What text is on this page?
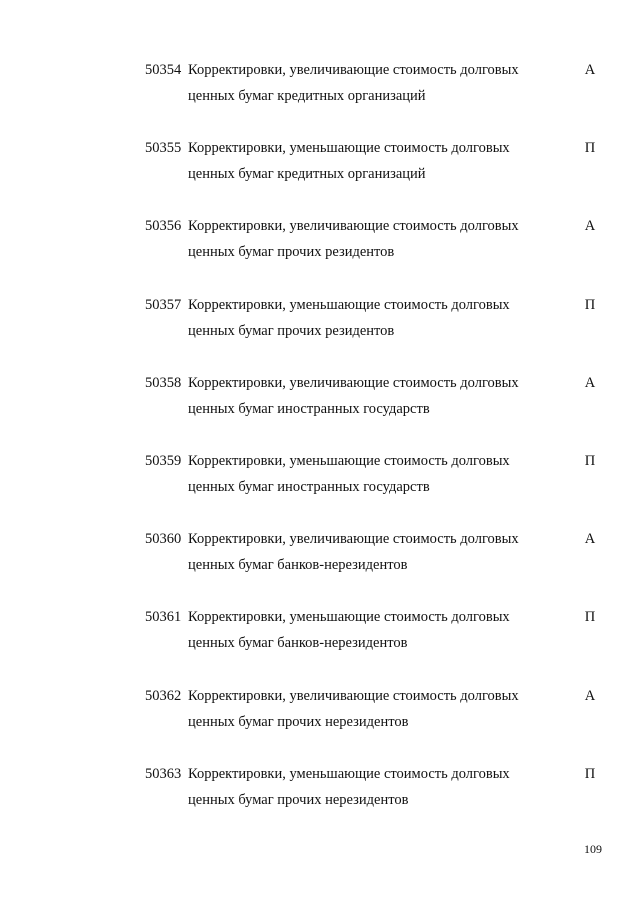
50354 Корректировки, увеличивающие стоимость долговых
ценных бумаг кредитных организаций
А
50355 Корректировки, уменьшающие стоимость долговых
ценных бумаг кредитных организаций
П
50356 Корректировки, увеличивающие стоимость долговых
ценных бумаг прочих резидентов
А
50357 Корректировки, уменьшающие стоимость долговых
ценных бумаг прочих резидентов
П
50358 Корректировки, увеличивающие стоимость долговых
ценных бумаг иностранных государств
А
50359 Корректировки, уменьшающие стоимость долговых
ценных бумаг иностранных государств
П
50360 Корректировки, увеличивающие стоимость долговых
ценных бумаг банков-нерезидентов
А
50361 Корректировки, уменьшающие стоимость долговых
ценных бумаг банков-нерезидентов
П
50362 Корректировки, увеличивающие стоимость долговых
ценных бумаг прочих нерезидентов
А
50363 Корректировки, уменьшающие стоимость долговых
ценных бумаг прочих нерезидентов
П
109
